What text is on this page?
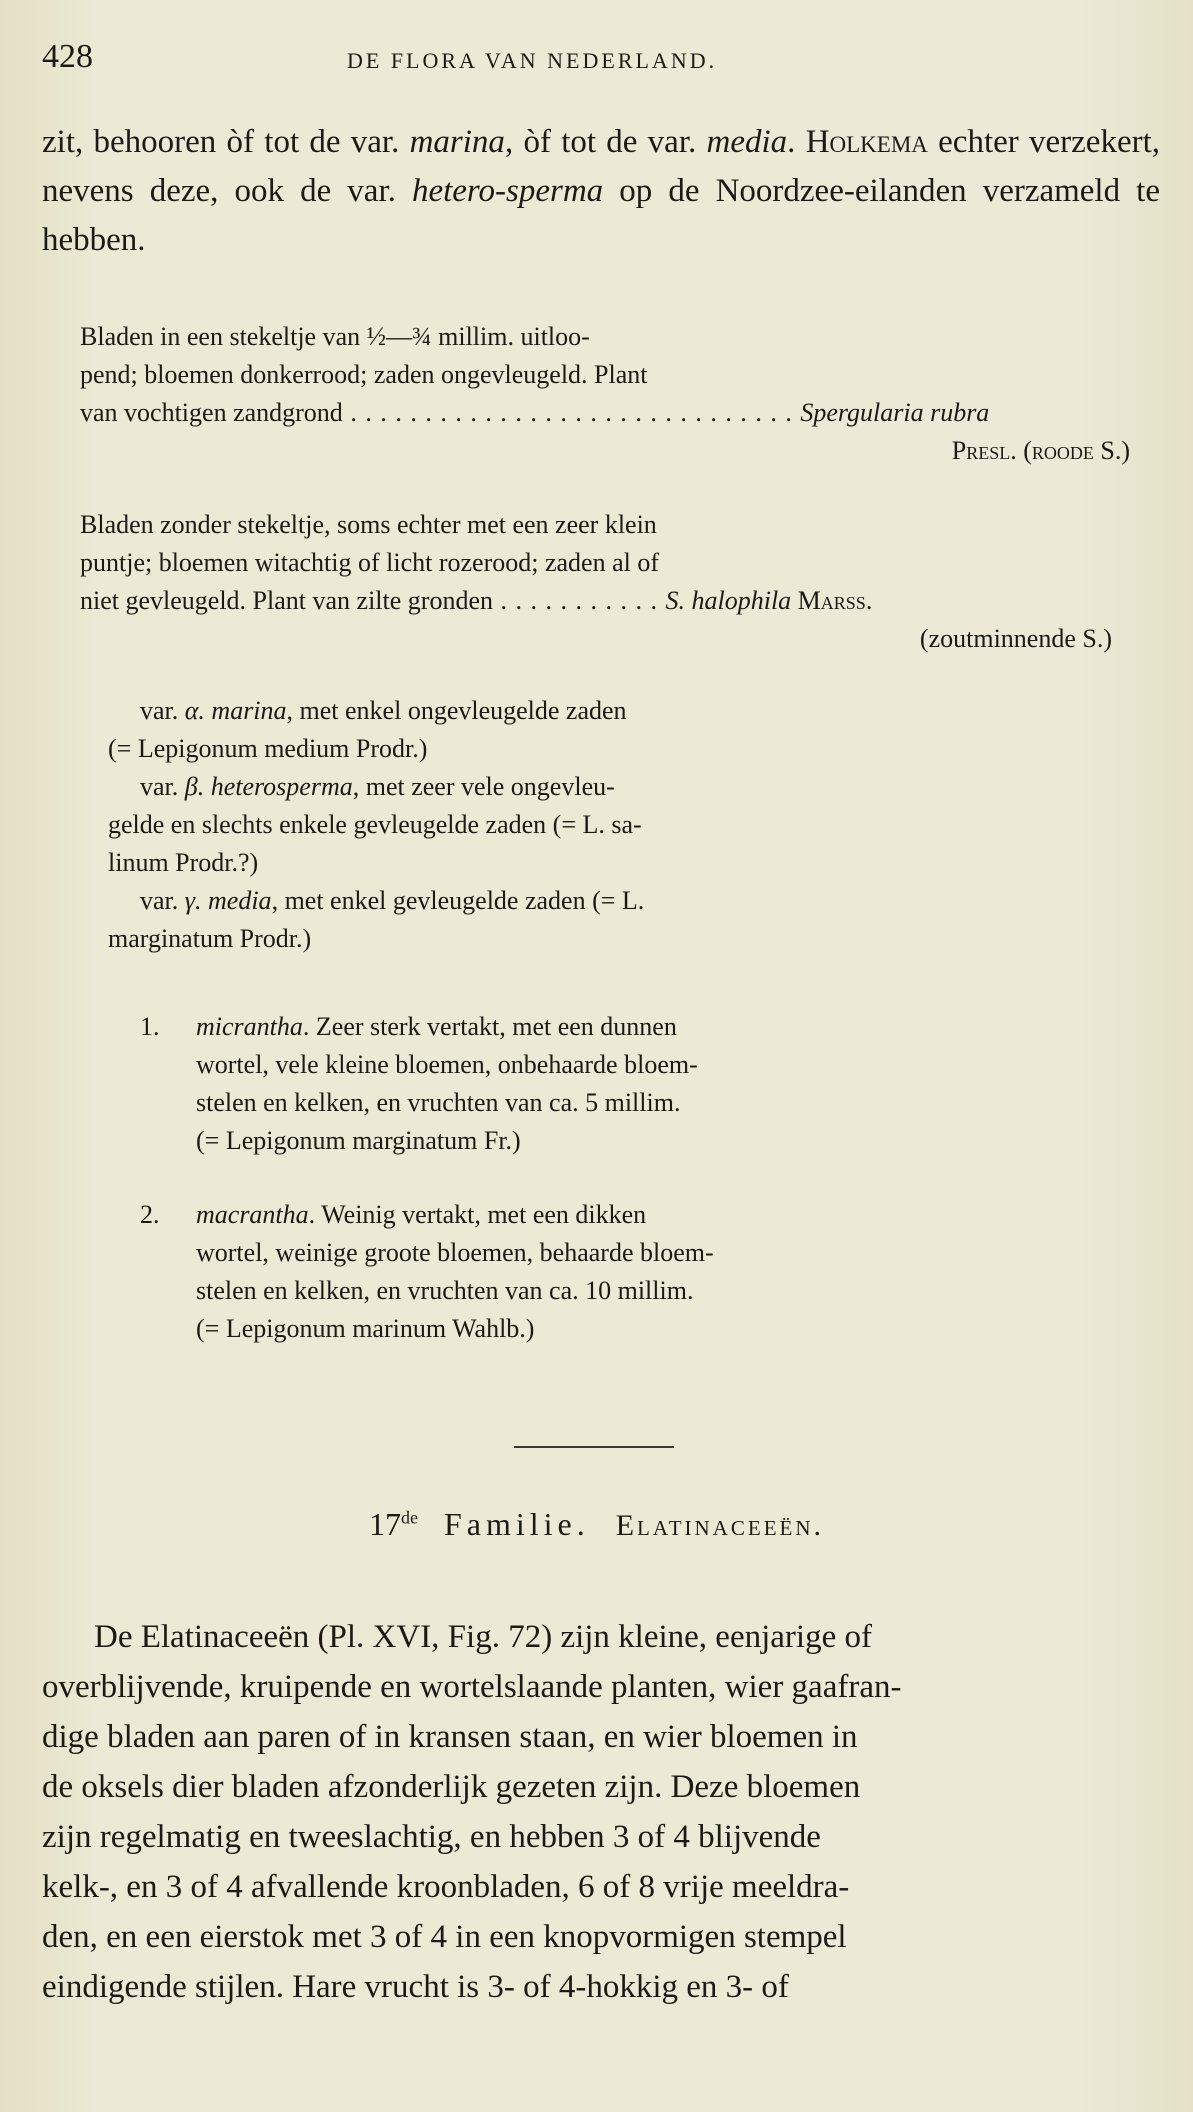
428	DE FLORA VAN NEDERLAND.

zit, behooren òf tot de var. marina, òf tot de var. media. Holkema echter verzekert, nevens deze, ook de var. hetero-sperma op de Noordzee-eilanden verzameld te hebben.

Bladen in een stekeltje van ½—¾ millim. uitloo-

pend; bloemen donkerrood; zaden ongevleugeld. Plant

van vochtigen zandgrond . . . . . . . . . . . . . . . . . . . . . . . . . . . . . . Spergularia rubra

Presl. (roode S.)

Bladen zonder stekeltje, soms echter met een zeer klein

puntje; bloemen witachtig of licht rozerood; zaden al of

niet gevleugeld. Plant van zilte gronden . . . . . . . . . . . S. halophila Marss.

(zoutminnende S.)

var. α. marina, met enkel ongevleugelde zaden

(= Lepigonum medium Prodr.)

var. β. heterosperma, met zeer vele ongevleu-

gelde en slechts enkele gevleugelde zaden (= L. sa-

linum Prodr.?)

var. γ. media, met enkel gevleugelde zaden (= L.

marginatum Prodr.)

1. micrantha. Zeer sterk vertakt, met een dunnen
wortel, vele kleine bloemen, onbehaarde bloem-
stelen en kelken, en vruchten van ca. 5 millim.
(= Lepigonum marginatum Fr.)
2. macrantha. Weinig vertakt, met een dikken
wortel, weinige groote bloemen, behaarde bloem-
stelen en kelken, en vruchten van ca. 10 millim.
(= Lepigonum marinum Wahlb.)
17de Familie. Elatinaceeën.
De Elatinaceeën (Pl. XVI, Fig. 72) zijn kleine, eenjarige of
overblijvende, kruipende en wortelslaande planten, wier gaafran-
dige bladen aan paren of in kransen staan, en wier bloemen in
de oksels dier bladen afzonderlijk gezeten zijn. Deze bloemen
zijn regelmatig en tweeslachtig, en hebben 3 of 4 blijvende
kelk-, en 3 of 4 afvallende kroonbladen, 6 of 8 vrije meeldra-
den, en een eierstok met 3 of 4 in een knopvormigen stempel
eindigende stijlen. Hare vrucht is 3- of 4-hokkig en 3- of
